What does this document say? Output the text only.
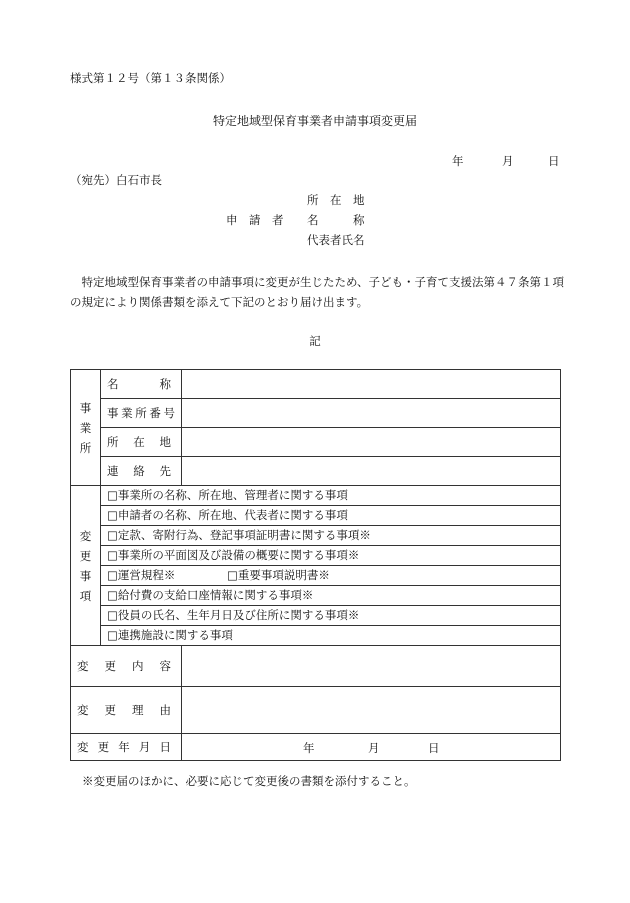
様式第１２号（第１３条関係）
特定地域型保育事業者申請事項変更届
年	月	日
（宛先）白石市長
所　在　地
申　請　者 名　　　称
代表者氏名
　特定地域型保育事業者の申請事項に変更が生じたため、子ども・子育て支援法第４７条第１項の規定により関係書類を添えて下記のとおり届け出ます。
記
事
業
所	名 称	

	事 業 所 番 号	

	所 在 地	

	連 絡 先	

変
更
事
項	□事業所の名称、所在地、管理者に関する事項	
	□申請者の名称、所在地、代表者に関する事項	
	□定款、寄附行為、登記事項証明書に関する事項※	
	□事業所の平面図及び設備の概要に関する事項※	
	□運営規程※ □重要事項説明書※	
	□給付費の支給口座情報に関する事項※	
	□役員の氏名、生年月日及び住所に関する事項※	
	□連携施設に関する事項	

変 更 内 容		

変 更 理 由		

変 更 年 月 日		年 月 日
※変更届のほかに、必要に応じて変更後の書類を添付すること。
